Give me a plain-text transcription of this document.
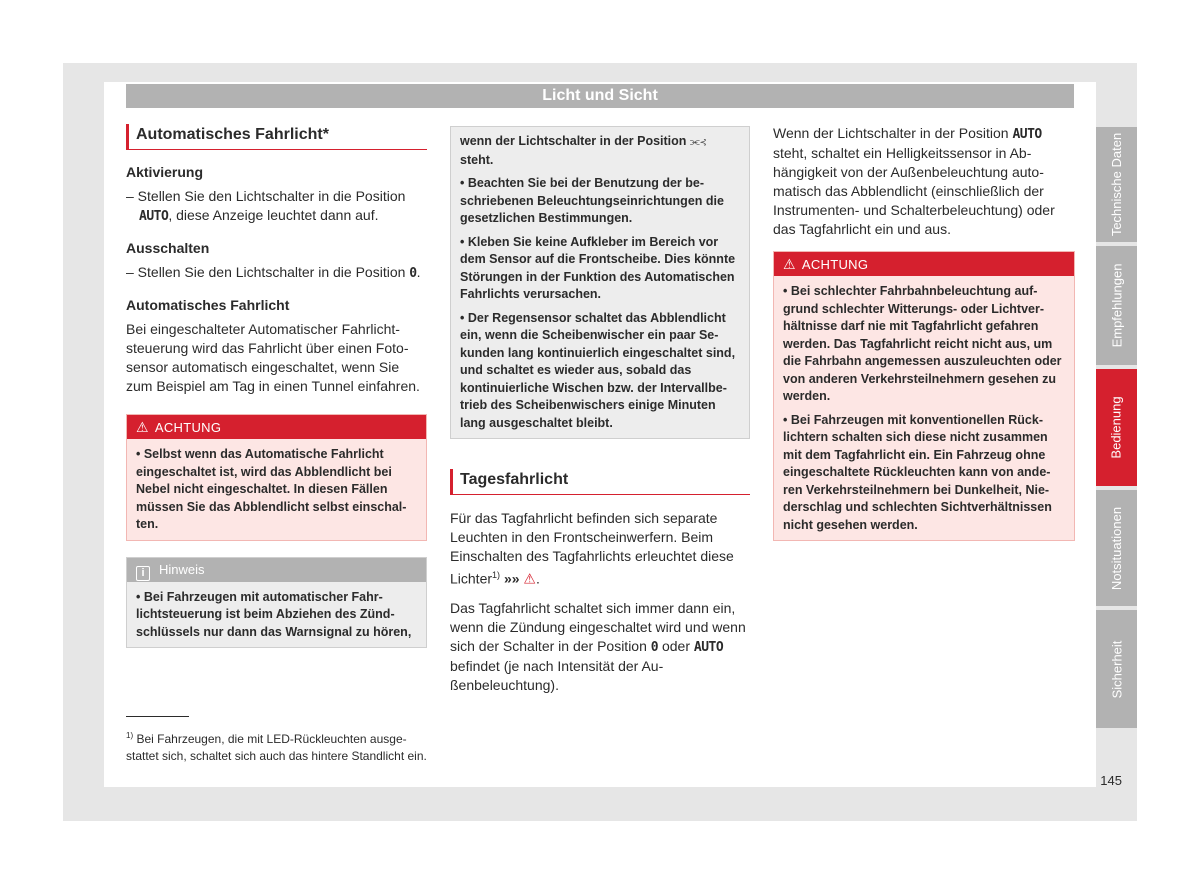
Licht und Sicht
Automatisches Fahrlicht*
Aktivierung
– Stellen Sie den Lichtschalter in die Position AUTO, diese Anzeige leuchtet dann auf.
Ausschalten
– Stellen Sie den Lichtschalter in die Position 0.
Automatisches Fahrlicht
Bei eingeschalteter Automatischer Fahrlichtsteuerung wird das Fahrlicht über einen Fotosensor automatisch eingeschaltet, wenn Sie zum Beispiel am Tag in einen Tunnel einfahren.
⚠ ACHTUNG
• Selbst wenn das Automatische Fahrlicht eingeschaltet ist, wird das Abblendlicht bei Nebel nicht eingeschaltet. In diesen Fällen müssen Sie das Abblendlicht selbst einschalten.
i Hinweis
• Bei Fahrzeugen mit automatischer Fahrlichtsteuerung ist beim Abziehen des Zündschlüssels nur dann das Warnsignal zu hören,

wenn der Lichtschalter in der Position ⫘⊰
steht.

• Beachten Sie bei der Benutzung der beschriebenen Beleuchtungseinrichtungen die gesetzlichen Bestimmungen.

• Kleben Sie keine Aufkleber im Bereich vor dem Sensor auf die Frontscheibe. Dies könnte Störungen in der Funktion des Automatischen Fahrlichts verursachen.

• Der Regensensor schaltet das Abblendlicht ein, wenn die Scheibenwischer ein paar Sekunden lang kontinuierlich eingeschaltet sind, und schaltet es wieder aus, sobald das kontinuierliche Wischen bzw. der Intervallbetrieb des Scheibenwischers einige Minuten lang ausgeschaltet bleibt.

Tagesfahrlicht
Für das Tagfahrlicht befinden sich separate Leuchten in den Frontscheinwerfern. Beim Einschalten des Tagfahrlichts erleuchtet diese Lichter$^{1)}$ »» ⚠.
Das Tagfahrlicht schaltet sich immer dann ein, wenn die Zündung eingeschaltet wird und wenn sich der Schalter in der Position 0 oder AUTO befindet (je nach Intensität der Außenbeleuchtung).
Wenn der Lichtschalter in der Position AUTO steht, schaltet ein Helligkeitssensor in Abhängigkeit von der Außenbeleuchtung automatisch das Abblendlicht (einschließlich der Instrumenten- und Schalterbeleuchtung) oder das Tagfahrlicht ein und aus.
⚠ ACHTUNG

• Bei schlechter Fahrbahnbeleuchtung aufgrund schlechter Witterungs- oder Lichtverhältnisse darf nie mit Tagfahrlicht gefahren werden. Das Tagfahrlicht reicht nicht aus, um die Fahrbahn angemessen auszuleuchten oder von anderen Verkehrsteilnehmern gesehen zu werden.

• Bei Fahrzeugen mit konventionellen Rücklichtern schalten sich diese nicht zusammen mit dem Tagfahrlicht ein. Ein Fahrzeug ohne eingeschaltete Rückleuchten kann von anderen Verkehrsteilnehmern bei Dunkelheit, Niederschlag und schlechten Sichtverhältnissen nicht gesehen werden.

$^{1)}$ Bei Fahrzeugen, die mit LED-Rückleuchten ausgestattet sich, schaltet sich auch das hintere Standlicht ein.
Technische Daten
Empfehlungen
Bedienung
Notsituationen
Sicherheit
145
